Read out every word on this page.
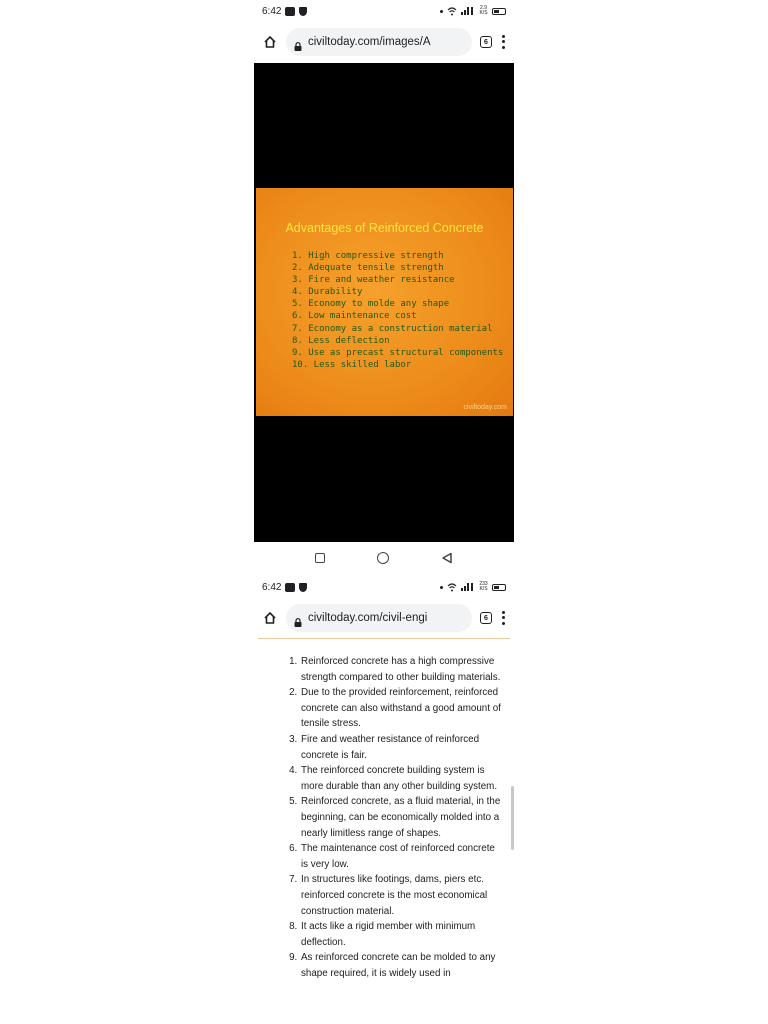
6:42	2.9
K/S
civiltoday.com/images/A	6
Advantages of Reinforced Concrete
1. High compressive strength
2. Adequate tensile strength
3. Fire and weather resistance
4. Durability
5. Economy to molde any shape
6. Low maintenance cost
7. Economy as a construction material
8. Less deflection
9. Use as precast structural components
10. Less skilled labor
civiltoday.com
6:42	233
K/S
civiltoday.com/civil-engi	6
1. Reinforced concrete has a high compressive strength compared to other building materials.
2. Due to the provided reinforcement, reinforced concrete can also withstand a good amount of tensile stress.
3. Fire and weather resistance of reinforced concrete is fair.
4. The reinforced concrete building system is more durable than any other building system.
5. Reinforced concrete, as a fluid material, in the beginning, can be economically molded into a nearly limitless range of shapes.
6. The maintenance cost of reinforced concrete is very low.
7. In structures like footings, dams, piers etc. reinforced concrete is the most economical construction material.
8. It acts like a rigid member with minimum deflection.
9. As reinforced concrete can be molded to any shape required, it is widely used in
